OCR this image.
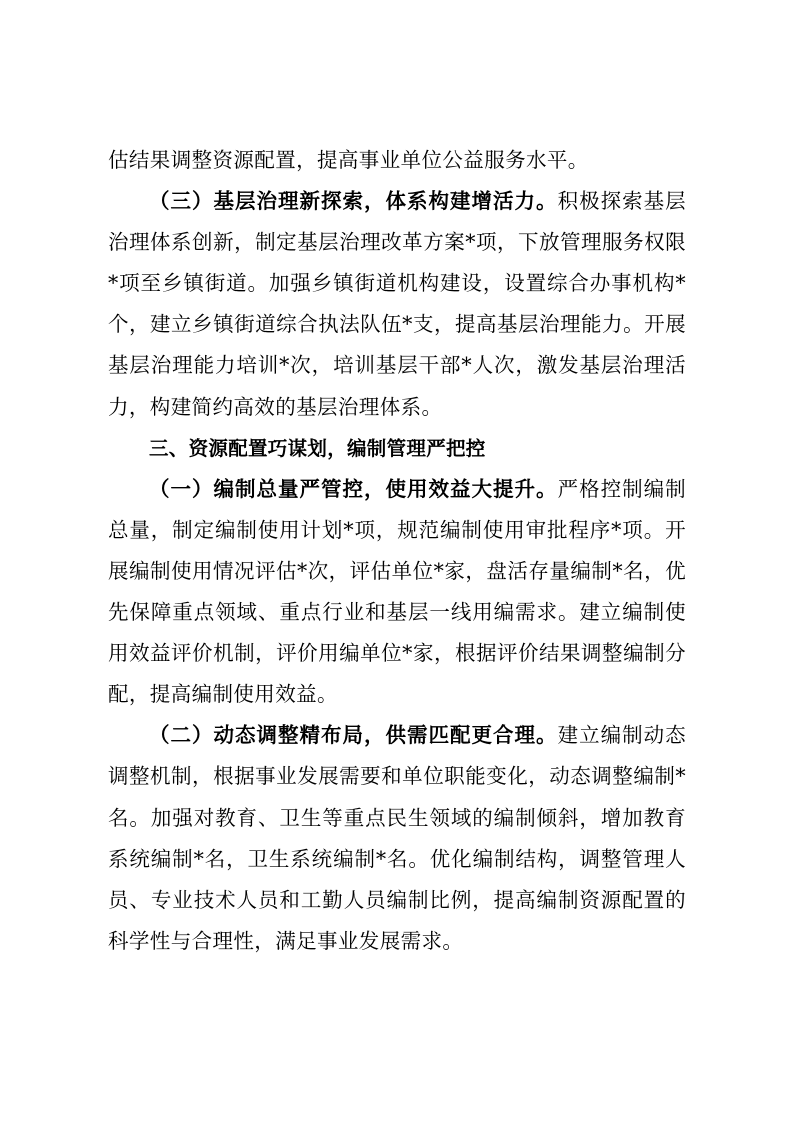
估结果调整资源配置，提高事业单位公益服务水平。

（三）基层治理新探索，体系构建增活力。积极探索基层治理体系创新，制定基层治理改革方案*项，下放管理服务权限*项至乡镇街道。加强乡镇街道机构建设，设置综合办事机构*个，建立乡镇街道综合执法队伍*支，提高基层治理能力。开展基层治理能力培训*次，培训基层干部*人次，激发基层治理活力，构建简约高效的基层治理体系。

三、资源配置巧谋划，编制管理严把控

（一）编制总量严管控，使用效益大提升。严格控制编制总量，制定编制使用计划*项，规范编制使用审批程序*项。开展编制使用情况评估*次，评估单位*家，盘活存量编制*名，优先保障重点领域、重点行业和基层一线用编需求。建立编制使用效益评价机制，评价用编单位*家，根据评价结果调整编制分配，提高编制使用效益。

（二）动态调整精布局，供需匹配更合理。建立编制动态调整机制，根据事业发展需要和单位职能变化，动态调整编制*名。加强对教育、卫生等重点民生领域的编制倾斜，增加教育系统编制*名，卫生系统编制*名。优化编制结构，调整管理人员、专业技术人员和工勤人员编制比例，提高编制资源配置的科学性与合理性，满足事业发展需求。
